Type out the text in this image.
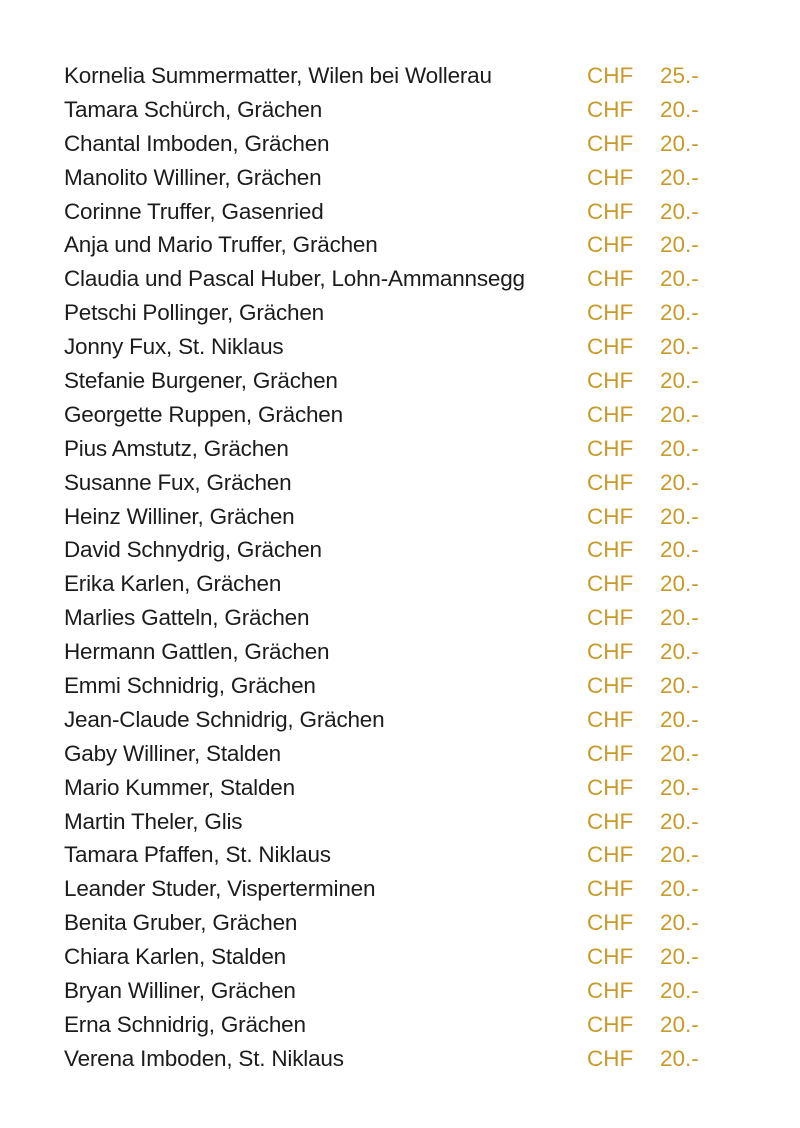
Kornelia Summermatter, Wilen bei Wollerau	CHF	25.-
Tamara Schürch, Grächen	CHF	20.-
Chantal Imboden, Grächen	CHF	20.-
Manolito Williner, Grächen	CHF	20.-
Corinne Truffer, Gasenried	CHF	20.-
Anja und Mario Truffer, Grächen	CHF	20.-
Claudia und Pascal Huber, Lohn-Ammannsegg	CHF	20.-
Petschi Pollinger, Grächen	CHF	20.-
Jonny Fux, St. Niklaus	CHF	20.-
Stefanie Burgener, Grächen	CHF	20.-
Georgette Ruppen, Grächen	CHF	20.-
Pius Amstutz, Grächen	CHF	20.-
Susanne Fux, Grächen	CHF	20.-
Heinz Williner, Grächen	CHF	20.-
David Schnydrig, Grächen	CHF	20.-
Erika Karlen, Grächen	CHF	20.-
Marlies Gatteln, Grächen	CHF	20.-
Hermann Gattlen, Grächen	CHF	20.-
Emmi Schnidrig, Grächen	CHF	20.-
Jean-Claude Schnidrig, Grächen	CHF	20.-
Gaby Williner, Stalden	CHF	20.-
Mario Kummer, Stalden	CHF	20.-
Martin Theler, Glis	CHF	20.-
Tamara Pfaffen, St. Niklaus	CHF	20.-
Leander Studer, Visperterminen	CHF	20.-
Benita Gruber, Grächen	CHF	20.-
Chiara Karlen, Stalden	CHF	20.-
Bryan Williner, Grächen	CHF	20.-
Erna Schnidrig, Grächen	CHF	20.-
Verena Imboden, St. Niklaus	CHF	20.-
